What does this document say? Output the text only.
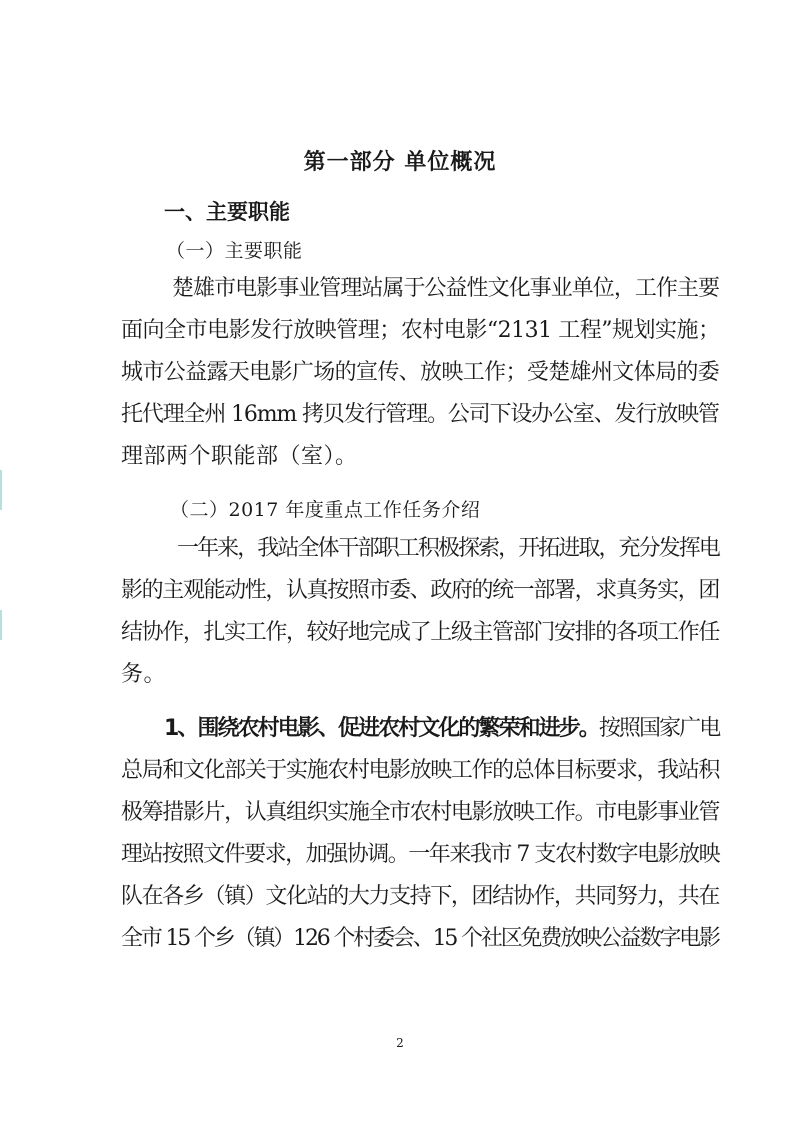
第一部分 单位概况
一、主要职能
（一）主要职能
楚雄市电影事业管理站属于公益性文化事业单位，工作主要
面向全市电影发行放映管理；农村电影“2131 工程”规划实施；
城市公益露天电影广场的宣传、放映工作；受楚雄州文体局的委
托代理全州 16mm 拷贝发行管理。公司下设办公室、发行放映管
理部两个职能部（室）。
（二）2017 年度重点工作任务介绍
一年来，我站全体干部职工积极探索，开拓进取，充分发挥电
影的主观能动性，认真按照市委、政府的统一部署，求真务实，团
结协作，扎实工作，较好地完成了上级主管部门安排的各项工作任
务。
1、围绕农村电影、促进农村文化的繁荣和进步。按照国家广电
总局和文化部关于实施农村电影放映工作的总体目标要求，我站积
极筹措影片，认真组织实施全市农村电影放映工作。市电影事业管
理站按照文件要求，加强协调。一年来我市 7 支农村数字电影放映
队在各乡（镇）文化站的大力支持下，团结协作，共同努力，共在
全市 15 个乡（镇）126 个村委会、15 个社区免费放映公益数字电影
2
